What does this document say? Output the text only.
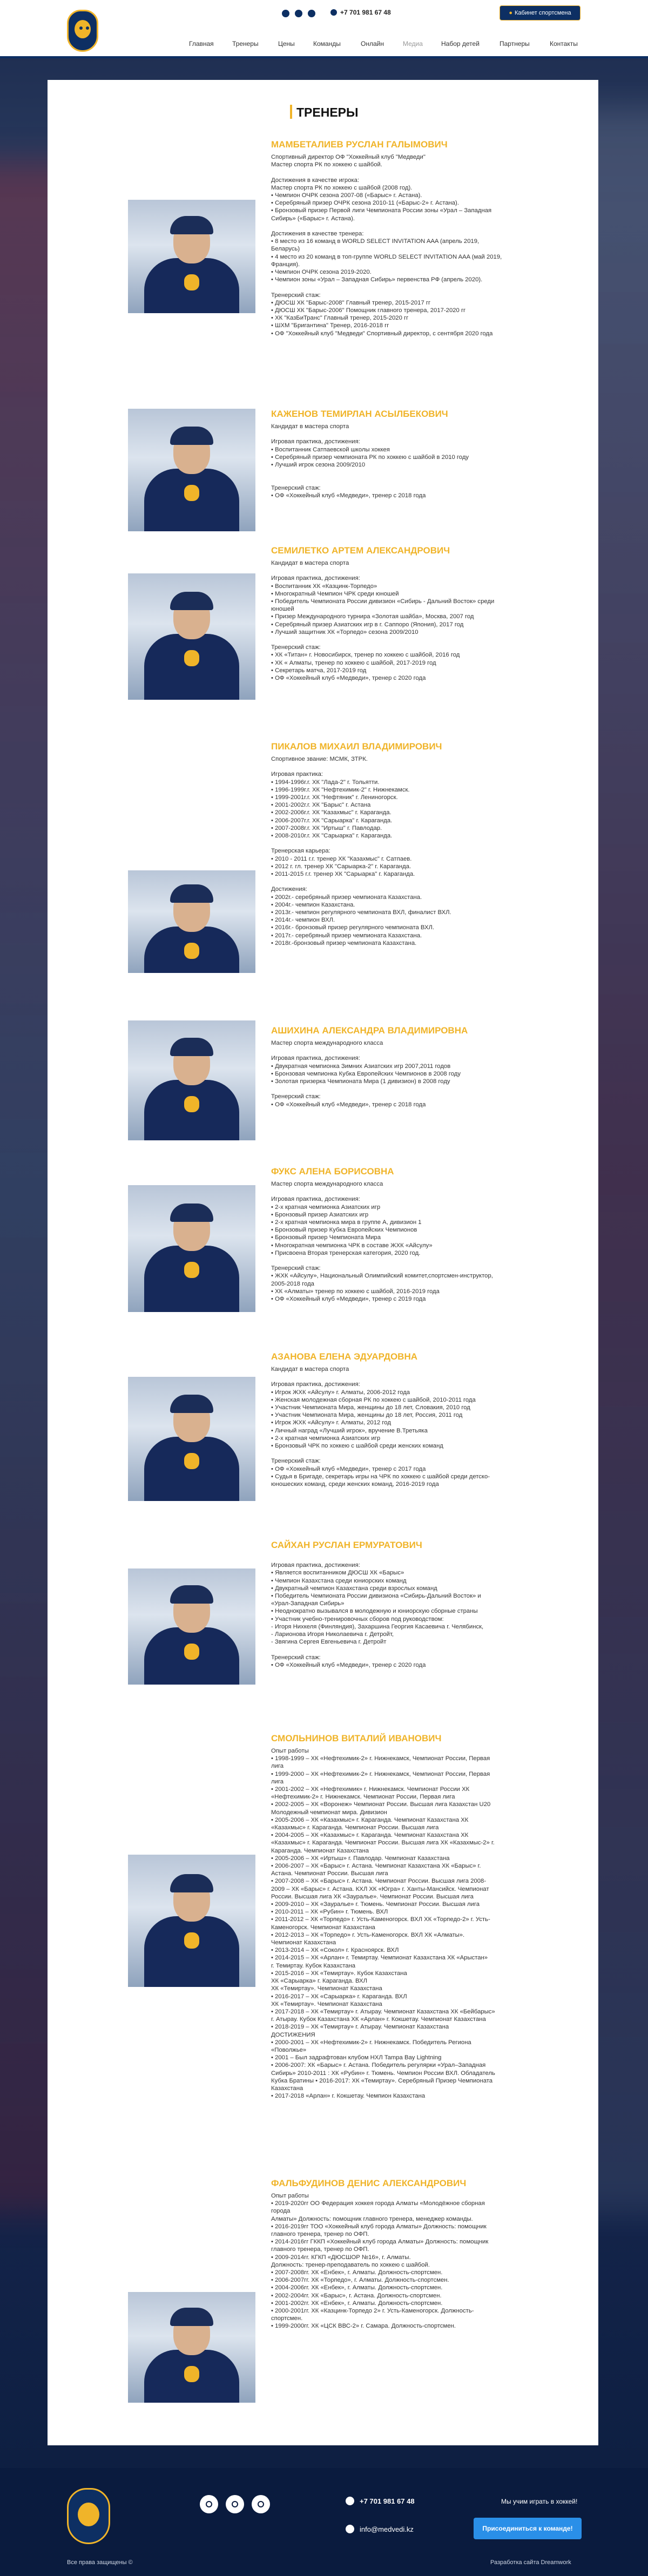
+7 701 981 67 48	● Кабинет спортсмена
Главная	Тренеры	Цены	Команды	Онлайн	Медиа	Набор детей	Партнеры	Контакты
ТРЕНЕРЫ
МАМБЕТАЛИЕВ РУСЛАН ГАЛЫМОВИЧ

Спортивный директор ОФ "Хоккейный клуб "Медведи"

Мастер спорта РК по хоккею с шайбой.

Достижения в качестве игрока:

Мастер спорта РК по хоккею с шайбой (2008 год).

• Чемпион ОЧРК сезона 2007-08 («Барыс» г. Астана).

• Серебряный призер ОЧРК сезона 2010-11 («Барыс-2» г. Астана).

• Бронзовый призер Первой лиги Чемпионата России зоны «Урал – Западная

Сибирь» («Барыс» г. Астана).

Достижения в качестве тренера:

• 8 место из 16 команд в WORLD SELECT INVITATION AAA (апрель 2019,

Беларусь)

• 4 место из 20 команд в топ-группе WORLD SELECT INVITATION AAA (май 2019,

Франция).

• Чемпион ОЧРК сезона 2019-2020.

• Чемпион зоны «Урал – Западная Сибирь» первенства РФ (апрель 2020).

Тренерский стаж:

• ДЮСШ ХК "Барыс-2008" Главный тренер, 2015-2017 гг

• ДЮСШ ХК "Барыс-2006" Помощник главного тренера, 2017-2020 гг

• ХК "КазБиТранс" Главный тренер, 2015-2020 гг

• ШХМ "Бригантина" Тренер, 2016-2018 гг

• ОФ "Хоккейный клуб "Медведи" Спортивный директор, с сентября 2020 года

КАЖЕНОВ ТЕМИРЛАН АСЫЛБЕКОВИЧ

Кандидат в мастера спорта

Игровая практика, достижения:

• Воспитанник Сатпаевской школы хоккея

• Серебряный призер чемпионата РК по хоккею с шайбой в 2010 году

• Лучший игрок сезона 2009/2010

Тренерский стаж:

• ОФ «Хоккейный клуб «Медведи», тренер с 2018 года

СЕМИЛЕТКО АРТЕМ АЛЕКСАНДРОВИЧ

Кандидат в мастера спорта

Игровая практика, достижения:

• Воспитанник ХК «Казцинк-Торпедо»

• Многократный Чемпион ЧРК среди юношей

• Победитель Чемпионата России дивизион «Сибирь - Дальний Восток» среди

юношей

• Призер Международного турнира «Золотая шайба», Москва, 2007 год

• Серебряный призер Азиатских игр в г. Саппоро (Япония), 2017 год

• Лучший защитник ХК «Торпедо» сезона 2009/2010

Тренерский стаж:

• ХК «Титан» г. Новосибирск, тренер по хоккею с шайбой, 2016 год

• ХК « Алматы, тренер по хоккею с шайбой, 2017-2019 год

• Секретарь матча, 2017-2019 год

• ОФ «Хоккейный клуб «Медведи», тренер с 2020 года

ПИКАЛОВ МИХАИЛ ВЛАДИМИРОВИЧ

Спортивное звание: МСМК, ЗТРК.

Игровая практика:

• 1994-1996г.г. ХК "Лада-2" г. Тольятти.

• 1996-1999г.г. ХК "Нефтехимик-2" г. Нижнекамск.

• 1999-2001г.г. ХК "Нефтяник" г. Лениногорск.

• 2001-2002г.г. ХК "Барыс" г. Астана

• 2002-2006г.г. ХК "Казахмыс" г. Караганда.

• 2006-2007г.г. ХК "Сарыарка" г. Караганда.

• 2007-2008г.г. ХК "Иртыш" г. Павлодар.

• 2008-2010г.г. ХК "Сарыарка" г. Караганда.

Тренерская карьера:

• 2010 - 2011 г.г. тренер ХК "Казахмыс" г. Сатпаев.

• 2012 г. гл. тренер ХК "Сарыарка-2" г. Караганда.

• 2011-2015 г.г. тренер ХК "Сарыарка" г. Караганда.

Достижения:

• 2002г.- серебряный призер чемпионата Казахстана.

• 2004г.- чемпион Казахстана.

• 2013г.- чемпион регулярного чемпионата ВХЛ, финалист ВХЛ.

• 2014г.- чемпион ВХЛ.

• 2016г.- бронзовый призер регулярного чемпионата ВХЛ.

• 2017г.- серебряный призер чемпионата Казахстана.

• 2018г.-бронзовый призер чемпионата Казахстана.

АШИХИНА АЛЕКСАНДРА ВЛАДИМИРОВНА

Мастер спорта международного класса

Игровая практика, достижения:

• Двукратная чемпионка Зимних Азиатских игр 2007,2011 годов

• Бронзовая чемпионка Кубка Европейских Чемпионов в 2008 году

• Золотая призерка Чемпионата Мира (1 дивизион) в 2008 году

Тренерский стаж:

• ОФ «Хоккейный клуб «Медведи», тренер с 2018 года

ФУКС АЛЕНА БОРИСОВНА

Мастер спорта международного класса

Игровая практика, достижения:

• 2-х кратная чемпионка Азиатских игр

• Бронзовый призер Азиатских игр

• 2-х кратная чемпионка мира в группе A, дивизион 1

• Бронзовый призер Кубка Европейских Чемпионов

• Бронзовый призер Чемпионата Мира

• Многократная чемпионка ЧРК в составе ЖХК «Айсулу»

• Присвоена Вторая тренерская категория, 2020 год.

Тренерский стаж:

• ЖХК «Айсулу», Национальный Олимпийский комитет,спортсмен-инструктор,

2005-2018 года

• ХК «Алматы» тренер по хоккею с шайбой, 2016-2019 года

• ОФ «Хоккейный клуб «Медведи», тренер с 2019 года

АЗАНОВА ЕЛЕНА ЭДУАРДОВНА

Кандидат в мастера спорта

Игровая практика, достижения:

• Игрок ЖХК «Айсулу» г. Алматы, 2006-2012 года

• Женская молодежная сборная РК по хоккею с шайбой, 2010-2011 года

• Участник Чемпионата Мира, женщины до 18 лет, Словакия, 2010 год

• Участник Чемпионата Мира, женщины до 18 лет, Россия, 2011 год

• Игрок ЖХК «Айсулу» г. Алматы, 2012 год

• Личный наград «Лучший игрок», вручение В.Третьяка

• 2-х кратная чемпионка Азиатских игр

• Бронзовый ЧРК по хоккею с шайбой среди женских команд

Тренерский стаж:

• ОФ «Хоккейный клуб «Медведи», тренер с 2017 года

• Судья в Бригаде, секретарь игры на ЧРК по хоккею с шайбой среди детско-

юношеских команд, среди женских команд, 2016-2019 года

САЙХАН РУСЛАН ЕРМУРАТОВИЧ

Игровая практика, достижения:

• Является воспитанником ДЮСШ ХК «Барыс»

• Чемпион Казахстана среди юниорских команд

• Двукратный чемпион Казахстана среди взрослых команд

• Победитель Чемпионата России дивизиона «Сибирь-Дальний Восток» и

«Урал-Западная Сибирь»

• Неоднократно вызывался в молодежную и юниорскую сборные страны

• Участник учебно-тренировочных сборов под руководством:

- Игоря Нихкеля (Финляндия), Захаршина Георгия Касаевича г. Челябинск,

- Ларионова Игоря Николаевича г. Детройт,

- Звягина Сергея Евгеньевича г. Детройт

Тренерский стаж:

• ОФ «Хоккейный клуб «Медведи», тренер с 2020 года

СМОЛЬНИНОВ ВИТАЛИЙ ИВАНОВИЧ

Опыт работы

• 1998-1999 – ХК «Нефтехимик-2» г. Нижнекамск, Чемпионат России, Первая

лига

• 1999-2000 – ХК «Нефтехимик-2» г. Нижнекамск, Чемпионат России, Первая

лига

• 2001-2002 – ХК «Нефтехимик» г. Нижнекамск. Чемпионат России ХК

«Нефтехимик-2» г. Нижнекамск. Чемпионат России, Первая лига

• 2002-2005 – ХК «Воронеж» Чемпионат России. Высшая лига Казахстан U20

Молодежный чемпионат мира. Дивизион

• 2005-2006 – ХК «Казахмыс» г. Караганда. Чемпионат Казахстана ХК

«Казахмыс» г. Караганда. Чемпионат России. Высшая лига

• 2004-2005 – ХК «Казахмыс» г. Караганда. Чемпионат Казахстана ХК

«Казахмыс» г. Караганда. Чемпионат России. Высшая лига ХК «Казахмыс-2» г.

Караганда. Чемпионат Казахстана

• 2005-2006 – ХК «Иртыш» г. Павлодар. Чемпионат Казахстана

• 2006-2007 – ХК «Барыс» г. Астана. Чемпионат Казахстана ХК «Барыс» г.

Астана. Чемпионат России. Высшая лига

• 2007-2008 – ХК «Барыс» г. Астана. Чемпионат России. Высшая лига 2008-

2009 – ХК «Барыс» г. Астана. КХЛ ХК «Югра» г. Ханты-Мансийск. Чемпионат

России. Высшая лига ХК «Зауралье». Чемпионат России. Высшая лига

• 2009-2010 – ХК «Зауралье» г. Тюмень. Чемпионат России. Высшая лига

• 2010-2011 – ХК «Рубин» г. Тюмень. ВХЛ

• 2011-2012 – ХК «Торпедо» г. Усть-Каменогорск. ВХЛ ХК «Торпедо-2» г. Усть-

Каменогорск. Чемпионат Казахстана

• 2012-2013 – ХК «Торпедо» г. Усть-Каменогорск. ВХЛ ХК «Алматы».

Чемпионат Казахстана

• 2013-2014 – ХК «Сокол» г. Красноярск. ВХЛ

• 2014-2015 – ХК «Арлан» г. Темиртау. Чемпионат Казахстана ХК «Арыстан»

г. Темиртау. Кубок Казахстана

• 2015-2016 – ХК «Темиртау». Кубок Казахстана

ХК «Сарыарка» г. Караганда. ВХЛ

ХК «Темиртау». Чемпионат Казахстана

• 2016-2017 – ХК «Сарыарка» г. Караганда. ВХЛ

ХК «Темиртау». Чемпионат Казахстана

• 2017-2018 – ХК «Темиртау» г. Атырау. Чемпионат Казахстана ХК «Бейбарыс»

г. Атырау. Кубок Казахстана ХК «Арлан» г. Кокшетау. Чемпионат Казахстана

• 2018-2019 – ХК «Темиртау» г. Атырау. Чемпионат Казахстана

ДОСТИЖЕНИЯ

• 2000-2001 – ХК «Нефтехимик-2» г. Нижнекамск. Победитель Региона

«Поволжье»

• 2001 – Был задрафтован клубом НХЛ Tampa Bay Lightning

• 2006-2007: ХК «Барыс» г. Астана. Победитель регулярки «Урал–Западная

Сибирь» 2010-2011 : ХК «Рубин» г. Тюмень. Чемпион России ВХЛ. Обладатель

Кубка Братины • 2016-2017: ХК «Темиртау». Серебряный Призер Чемпионата

Казахстана

• 2017-2018 «Арлан» г. Кокшетау. Чемпион Казахстана

ФАЛЬФУДИНОВ ДЕНИС АЛЕКСАНДРОВИЧ

Опыт работы

• 2019-2020гг ОО Федерация хоккея города Алматы «Молодёжное сборная

города

Алматы» Должность: помощник главного тренера, менеджер команды.

• 2016-2019гг ТОО «Хоккейный клуб города Алматы» Должность: помощник

главного тренера, тренер по ОФП.

• 2014-2016гг ГККП «Хоккейный клуб города Алматы» Должность: помощник

главного тренера, тренер по ОФП.

• 2009-2014гг. КГКП «ДЮСШОР №16», г. Алматы.

Должность: тренер-преподаватель по хоккею с шайбой.

• 2007-2008гг. ХК «Енбек», г. Алматы. Должность-спортсмен.

• 2006-2007гг. ХК «Торпедо», г. Алматы. Должность-спортсмен.

• 2004-2006гг. ХК «Енбек», г. Алматы. Должность-спортсмен.

• 2002-2004гг. ХК «Барыс», г. Астана. Должность-спортсмен.

• 2001-2002гг. ХК «Енбек», г. Алматы. Должность-спортсмен.

• 2000-2001гг. ХК «Казцинк-Торпедо 2» г. Усть-Каменогорск. Должность-

спортсмен.

• 1999-2000гг. ХК «ЦСК ВВС-2» г. Самара. Должность-спортсмен.

Все права защищены ©
+7 701 981 67 48
info@medvedi.kz
Мы учим играть в хоккей!
Присоединиться к команде!
Разработка сайта Dreamwork
